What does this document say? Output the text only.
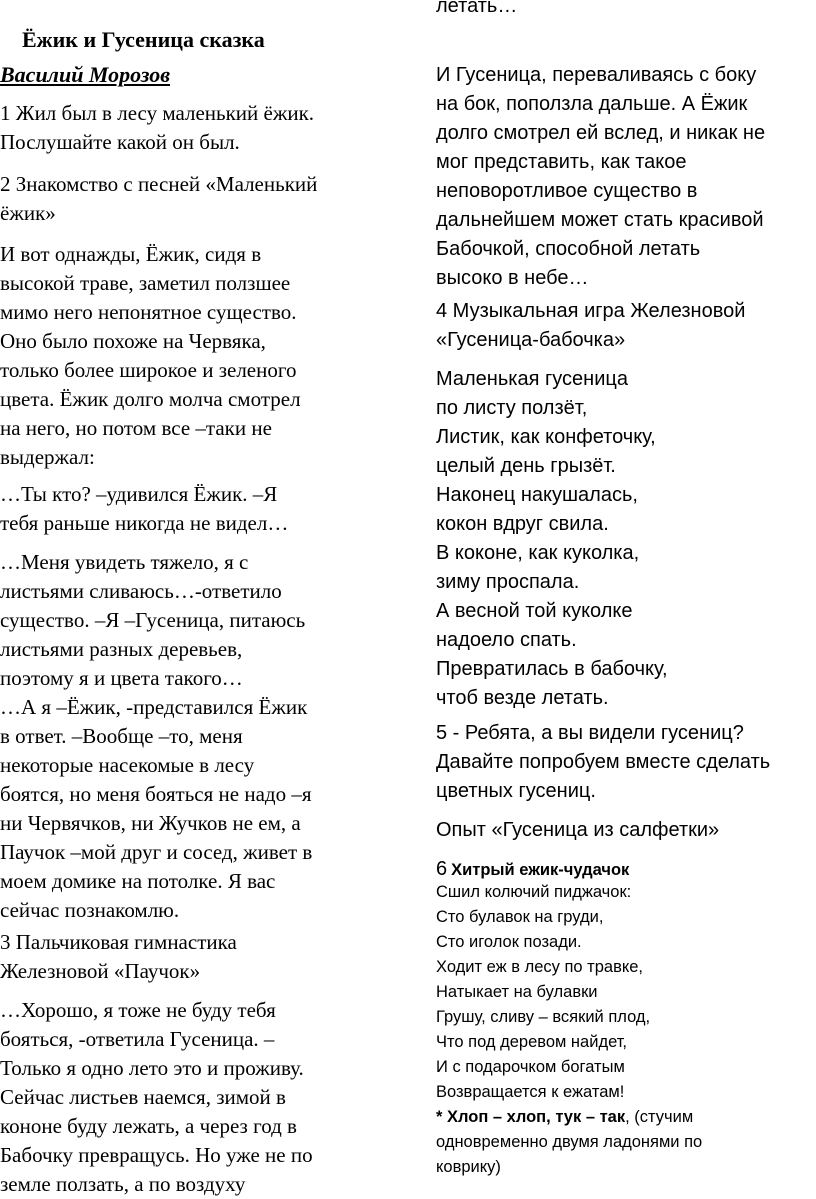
Ёжик и Гусеница сказка

Василий Морозов

1 Жил был в лесу маленький ёжик.
Послушайте какой он был.

2 Знакомство с песней «Маленький
ёжик»

И вот однажды, Ёжик, сидя в
высокой траве, заметил ползшее
мимо него непонятное существо.
Оно было похоже на Червяка,
только более широкое и зеленого
цвета. Ёжик долго молча смотрел
на него, но потом все –таки не
выдержал:

…Ты кто? –удивился Ёжик. –Я
тебя раньше никогда не видел…

…Меня увидеть тяжело, я с
листьями сливаюсь…-ответило
существо. –Я –Гусеница, питаюсь
листьями разных деревьев,
поэтому я и цвета такого…
…А я –Ёжик, -представился Ёжик
в ответ. –Вообще –то, меня
некоторые насекомые в лесу
боятся, но меня бояться не надо –я
ни Червячков, ни Жучков не ем, а
Паучок –мой друг и сосед, живет в
моем домике на потолке. Я вас
сейчас познакомлю.

3 Пальчиковая гимнастика
Железновой «Паучок»

…Хорошо, я тоже не буду тебя
бояться, -ответила Гусеница. –
Только я одно лето это и проживу.
Сейчас листьев наемся, зимой в
кононе буду лежать, а через год в
Бабочку превращусь. Но уже не по
земле ползать, а по воздуху

летать…

И Гусеница, переваливаясь с боку
на бок, поползла дальше. А Ёжик
долго смотрел ей вслед, и никак не
мог представить, как такое
неповоротливое существо в
дальнейшем может стать красивой
Бабочкой, способной летать
высоко в небе…

4 Музыкальная игра Железновой
«Гусеница-бабочка»

Маленькая гусеница
по листу ползёт,
Листик, как конфеточку,
целый день грызёт.
Наконец накушалась,
кокон вдруг свила.
В коконе, как куколка,
зиму проспала.
А весной той куколке
надоело спать.
Превратилась в бабочку,
чтоб везде летать.

5 - Ребята, а вы видели гусениц?
Давайте попробуем вместе сделать
цветных гусениц.

Опыт «Гусеница из салфетки»

6 Хитрый ежик-чудачок

Сшил колючий пиджачок:
Сто булавок на груди,
Сто иголок позади.
Ходит еж в лесу по травке,
Натыкает на булавки
Грушу, сливу – всякий плод,
Что под деревом найдет,
И с подарочком богатым
Возвращается к ежатам!

* Хлоп – хлоп, тук – так, (стучим
одновременно двумя ладонями по
коврику)
